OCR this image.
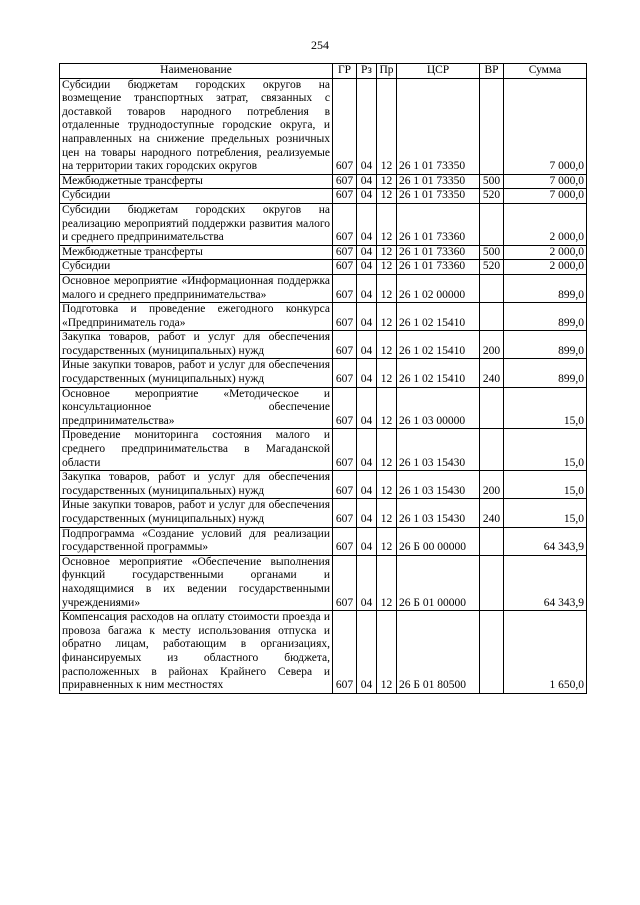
254
Наименование	ГР	Рз	Пр	ЦСР	ВР	Сумма
Субсидии бюджетам городских округов на возмещение транспортных затрат, связанных с доставкой товаров народного потребления в отдаленные труднодоступные городские округа, и направленных на снижение предельных розничных цен на товары народного потребления, реализуемые на территории таких городских округов	607	04	12	26 1 01 73350		7 000,0
Межбюджетные трансферты	607	04	12	26 1 01 73350	500	7 000,0
Субсидии	607	04	12	26 1 01 73350	520	7 000,0
Субсидии бюджетам городских округов на реализацию мероприятий поддержки развития малого и среднего предпринимательства	607	04	12	26 1 01 73360		2 000,0
Межбюджетные трансферты	607	04	12	26 1 01 73360	500	2 000,0
Субсидии	607	04	12	26 1 01 73360	520	2 000,0
Основное мероприятие «Информационная поддержка малого и среднего предпринимательства»	607	04	12	26 1 02 00000		899,0
Подготовка и проведение ежегодного конкурса «Предприниматель года»	607	04	12	26 1 02 15410		899,0
Закупка товаров, работ и услуг для обеспечения государственных (муниципальных) нужд	607	04	12	26 1 02 15410	200	899,0
Иные закупки товаров, работ и услуг для обеспечения государственных (муниципальных) нужд	607	04	12	26 1 02 15410	240	899,0
Основное мероприятие «Методическое и консультационное обеспечение предпринимательства»	607	04	12	26 1 03 00000		15,0
Проведение мониторинга состояния малого и среднего предпринимательства в Магаданской области	607	04	12	26 1 03 15430		15,0
Закупка товаров, работ и услуг для обеспечения государственных (муниципальных) нужд	607	04	12	26 1 03 15430	200	15,0
Иные закупки товаров, работ и услуг для обеспечения государственных (муниципальных) нужд	607	04	12	26 1 03 15430	240	15,0
Подпрограмма «Создание условий для реализации государственной программы»	607	04	12	26 Б 00 00000		64 343,9
Основное мероприятие «Обеспечение выполнения функций государственными органами и находящимися в их ведении государственными учреждениями»	607	04	12	26 Б 01 00000		64 343,9
Компенсация расходов на оплату стоимости проезда и провоза багажа к месту использования отпуска и обратно лицам, работающим в организациях, финансируемых из областного бюджета, расположенных в районах Крайнего Севера и приравненных к ним местностях	607	04	12	26 Б 01 80500		1 650,0
